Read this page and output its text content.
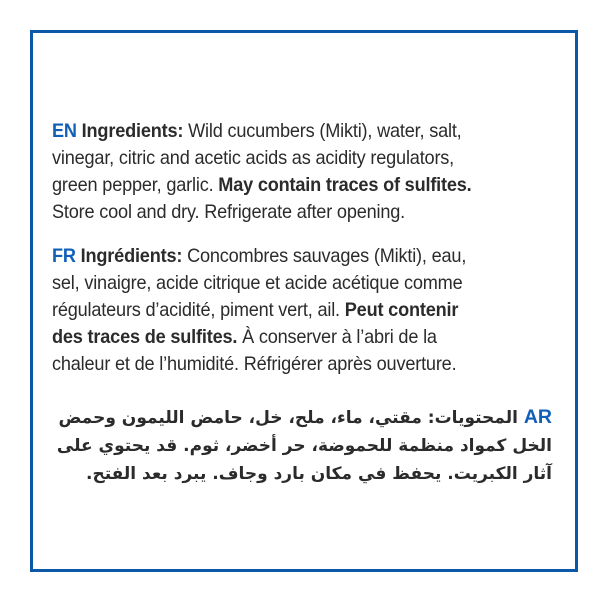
EN Ingredients: Wild cucumbers (Mikti), water, salt,
vinegar, citric and acetic acids as acidity regulators,
green pepper, garlic. May contain traces of sulfites.
Store cool and dry. Refrigerate after opening.
FR Ingrédients: Concombres sauvages (Mikti), eau,
sel, vinaigre, acide citrique et acide acétique comme
régulateurs d’acidité, piment vert, ail. Peut contenir
des traces de sulfites. À conserver à l’abri de la
chaleur et de l’humidité. Réfrigérer après ouverture.
AR المحتويات: مقتي، ماء، ملح، خل، حامض الليمون وحمض
الخل كمواد منظمة للحموضة، حر أخضر، ثوم. قد يحتوي على
آثار الكبريت. يحفظ في مكان بارد وجاف. يبرد بعد الفتح.
